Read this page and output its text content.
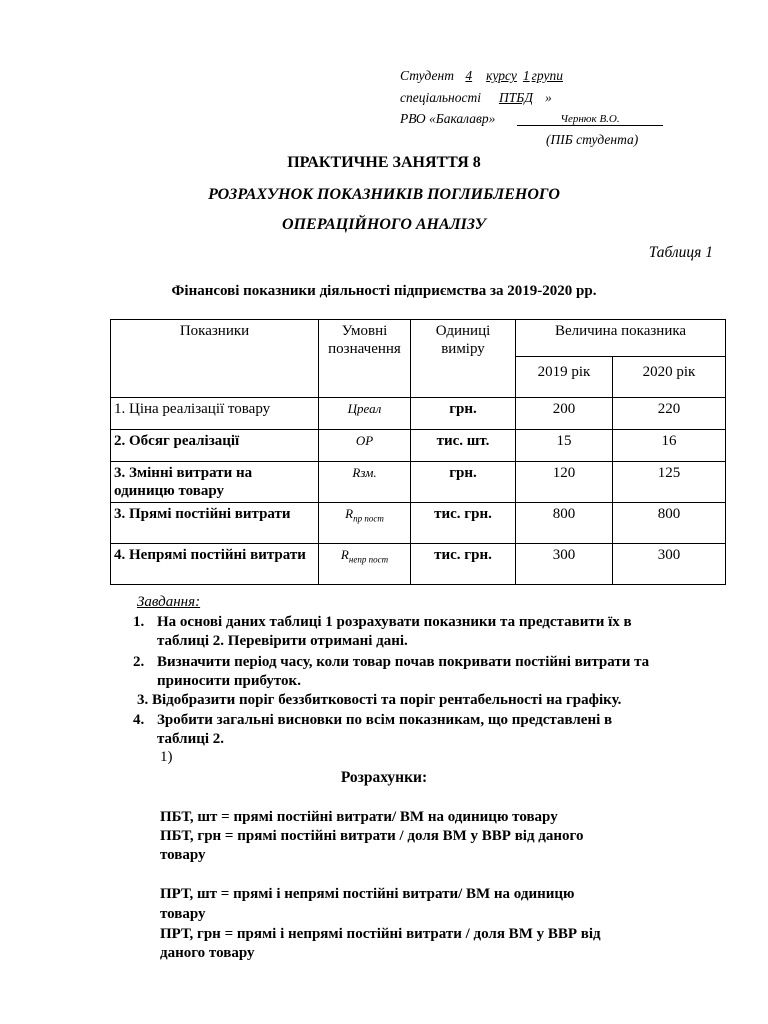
Студент 4 курсу 1 групи
спеціальності ПТБД »
РВО «Бакалавр»	Чернюк В.О.
(ПІБ студента)
ПРАКТИЧНЕ ЗАНЯТТЯ 8
РОЗРАХУНОК ПОКАЗНИКІВ ПОГЛИБЛЕНОГО
ОПЕРАЦІЙНОГО АНАЛІЗУ
Таблиця 1
Фінансові показники діяльності підприємства за 2019-2020 рр.
Показники	Умовні позначення	Одиниці виміру	Величина показника	
			2019 рік	2020 рік
1. Ціна реалізації товару	Цреал	грн.	200	220
2. Обсяг реалізації	ОР	тис. шт.	15	16
3. Змінні витрати на одиницю товару	Rзм.	грн.	120	125
3. Прямі постійні витрати	$R_{пр пост}$	тис. грн.	800	800
4. Непрямі постійні витрати	$R_{непр пост}$	тис. грн.	300	300
Завдання:
1. На основі даних таблиці 1 розрахувати показники та представити їх в
таблиці 2. Перевірити отримані дані.
2. Визначити період часу, коли товар почав покривати постійні витрати та
приносити прибуток.
3. Відобразити поріг беззбитковості та поріг рентабельності на графіку.
4. Зробити загальні висновки по всім показникам, що представлені в
таблиці 2.
1)
Розрахунки:
ПБТ, шт = прямі постійні витрати/ ВМ на одиницю товару
ПБТ, грн = прямі постійні витрати / доля ВМ у ВВР від даного
товару
ПРТ, шт = прямі і непрямі постійні витрати/ ВМ на одиницю
товару
ПРТ, грн = прямі і непрямі постійні витрати / доля ВМ у ВВР від
даного товару
